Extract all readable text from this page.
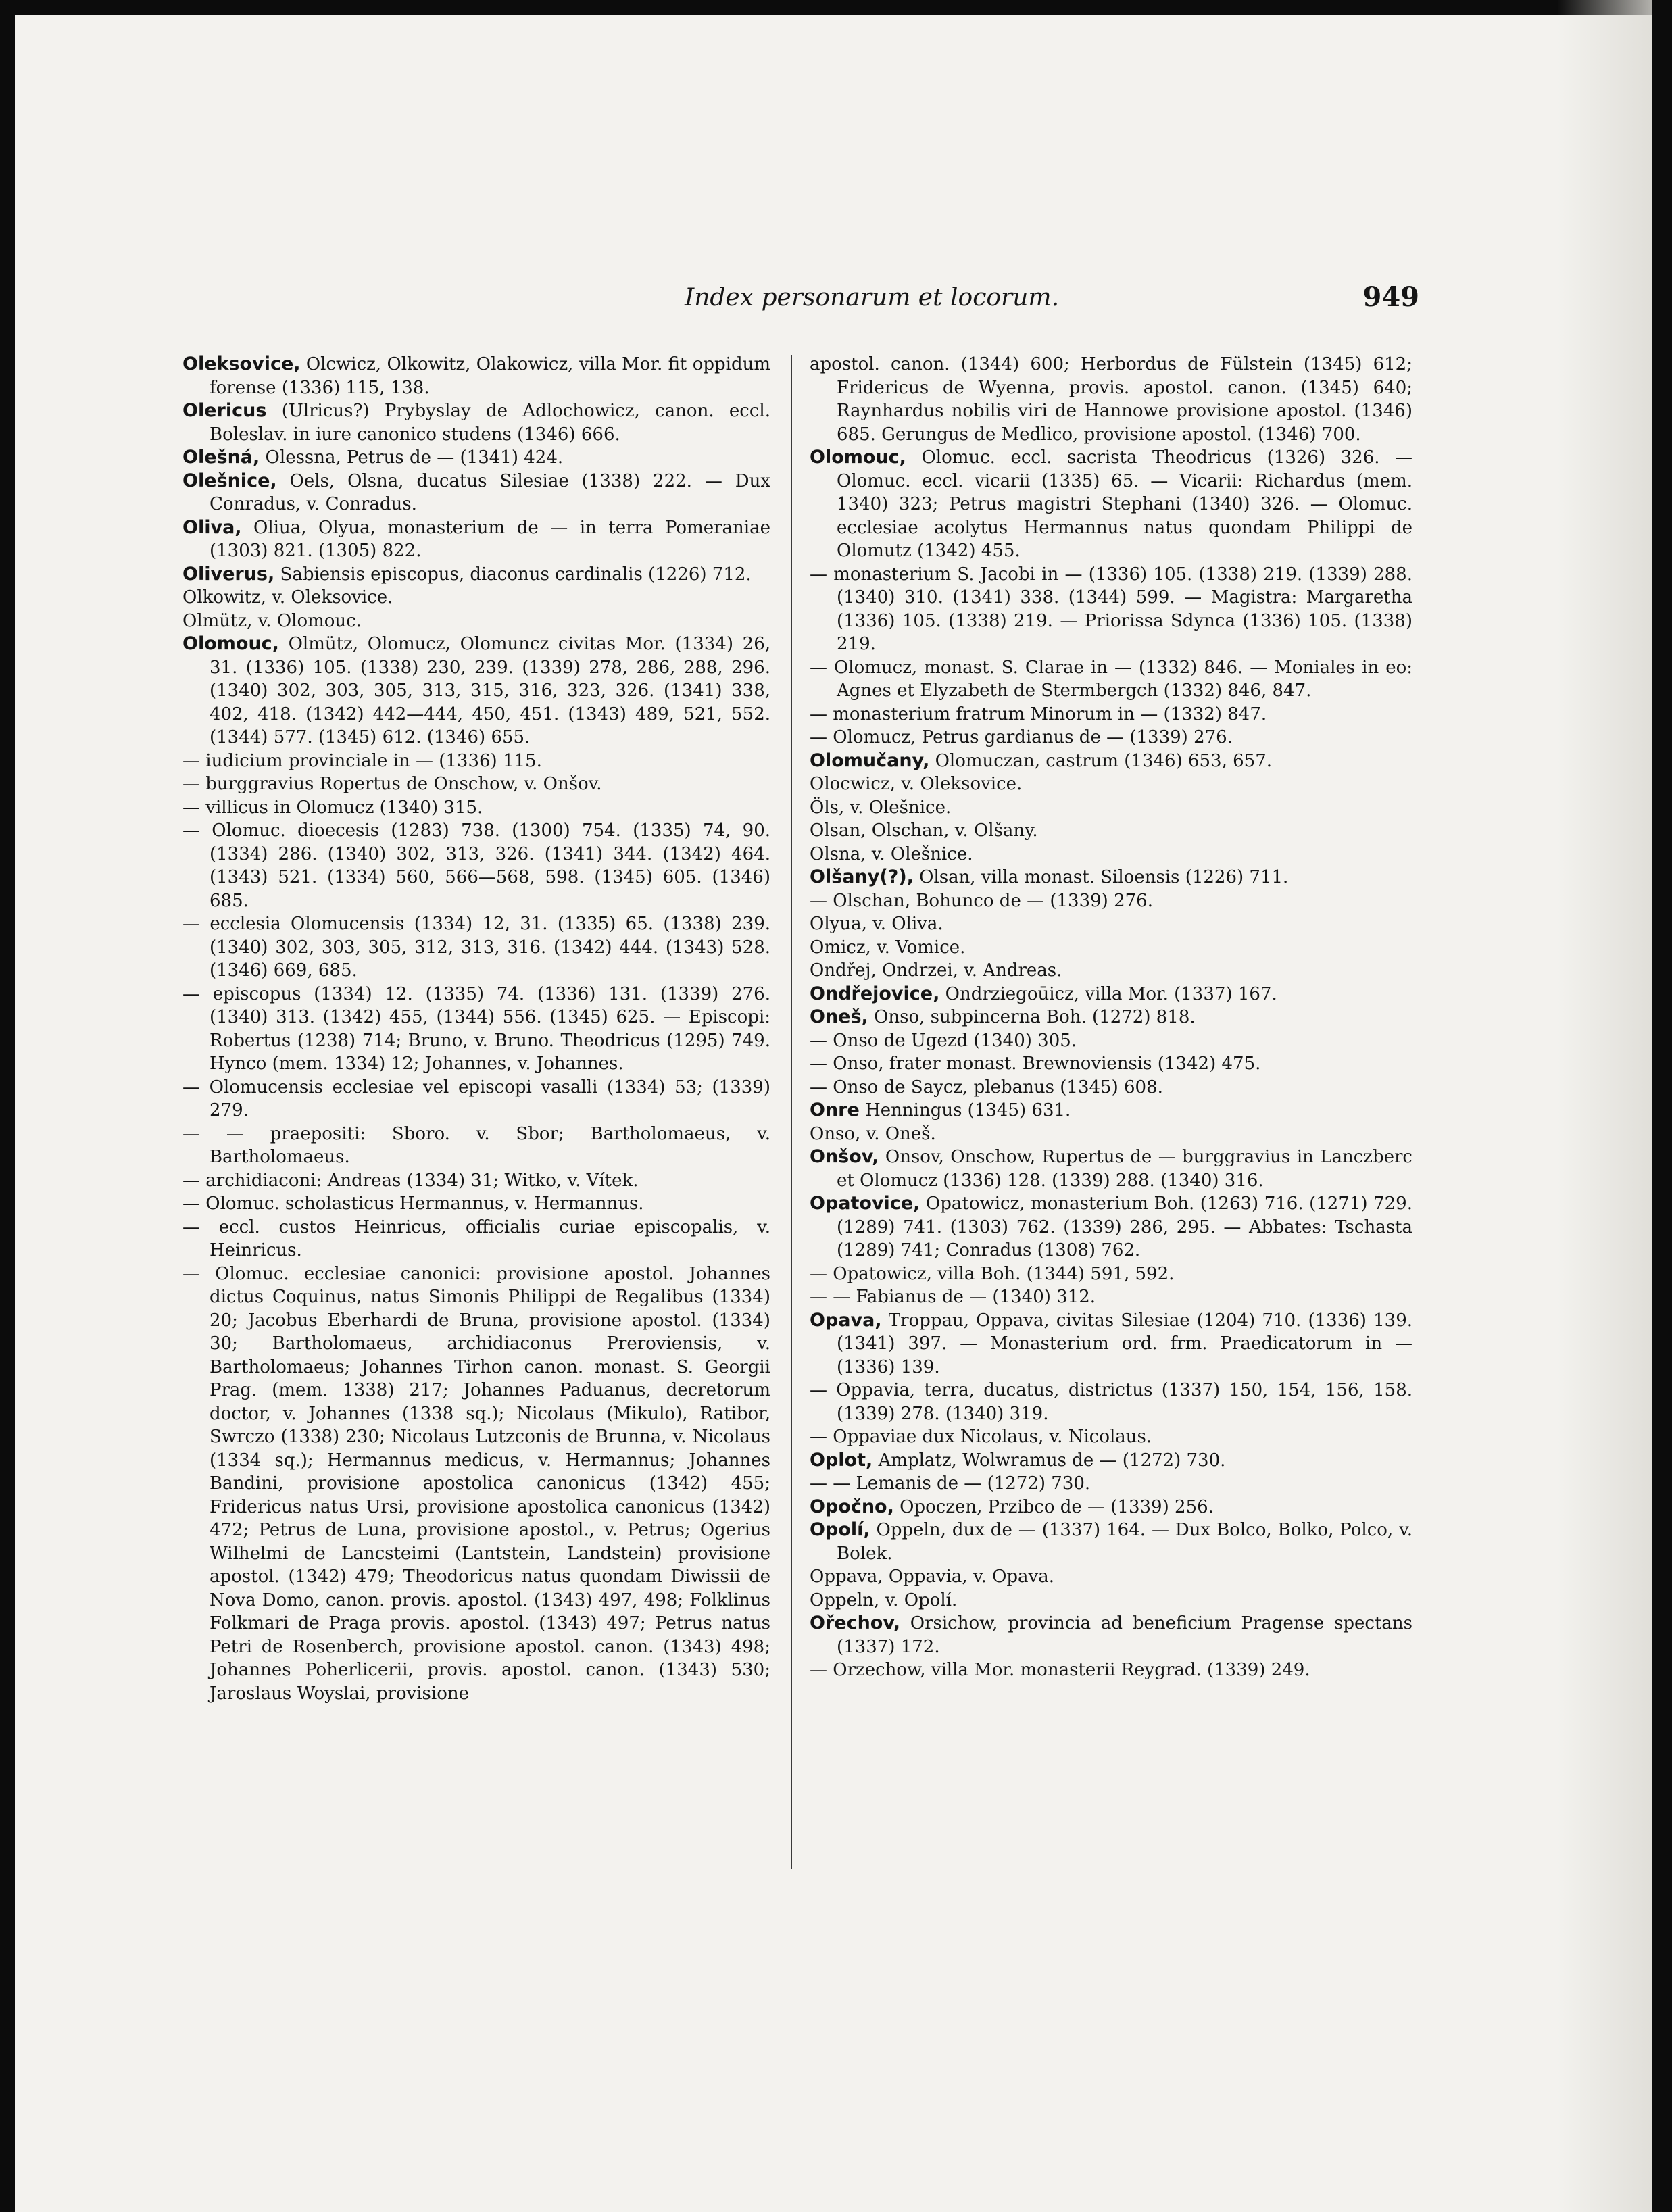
Index personarum et locorum.	949

Oleksovice, Olcwicz, Olkowitz, Olakowicz, villa Mor. fit oppidum forense (1336) 115, 138.

Olericus (Ulricus?) Prybyslay de Adlochowicz, canon. eccl. Boleslav. in iure canonico studens (1346) 666.

Olešná, Olessna, Petrus de — (1341) 424.

Olešnice, Oels, Olsna, ducatus Silesiae (1338) 222. — Dux Conradus, v. Conradus.

Oliva, Oliua, Olyua, monasterium de — in terra Pomeraniae (1303) 821. (1305) 822.

Oliverus, Sabiensis episcopus, diaconus cardinalis (1226) 712.

Olkowitz, v. Oleksovice.

Olmütz, v. Olomouc.

Olomouc, Olmütz, Olomucz, Olomuncz civitas Mor. (1334) 26, 31. (1336) 105. (1338) 230, 239. (1339) 278, 286, 288, 296. (1340) 302, 303, 305, 313, 315, 316, 323, 326. (1341) 338, 402, 418. (1342) 442—444, 450, 451. (1343) 489, 521, 552. (1344) 577. (1345) 612. (1346) 655.

— iudicium provinciale in — (1336) 115.

— burggravius Ropertus de Onschow, v. Onšov.

— villicus in Olomucz (1340) 315.

— Olomuc. dioecesis (1283) 738. (1300) 754. (1335) 74, 90. (1334) 286. (1340) 302, 313, 326. (1341) 344. (1342) 464. (1343) 521. (1334) 560, 566—568, 598. (1345) 605. (1346) 685.

— ecclesia Olomucensis (1334) 12, 31. (1335) 65. (1338) 239. (1340) 302, 303, 305, 312, 313, 316. (1342) 444. (1343) 528. (1346) 669, 685.

— episcopus (1334) 12. (1335) 74. (1336) 131. (1339) 276. (1340) 313. (1342) 455, (1344) 556. (1345) 625. — Episcopi: Robertus (1238) 714; Bruno, v. Bruno. Theodricus (1295) 749. Hynco (mem. 1334) 12; Johannes, v. Johannes.

— Olomucensis ecclesiae vel episcopi vasalli (1334) 53; (1339) 279.

— — praepositi: Sboro. v. Sbor; Bartholomaeus, v. Bartholomaeus.

— archidiaconi: Andreas (1334) 31; Witko, v. Vítek.

— Olomuc. scholasticus Hermannus, v. Hermannus.

— eccl. custos Heinricus, officialis curiae episcopalis, v. Heinricus.

— Olomuc. ecclesiae canonici: provisione apostol. Johannes dictus Coquinus, natus Simonis Philippi de Regalibus (1334) 20; Jacobus Eberhardi de Bruna, provisione apostol. (1334) 30; Bartholomaeus, archidiaconus Preroviensis, v. Bartholomaeus; Johannes Tirhon canon. monast. S. Georgii Prag. (mem. 1338) 217; Johannes Paduanus, decretorum doctor, v. Johannes (1338 sq.); Nicolaus (Mikulo), Ratibor, Swrczo (1338) 230; Nicolaus Lutzconis de Brunna, v. Nicolaus (1334 sq.); Hermannus medicus, v. Hermannus; Johannes Bandini, provisione apostolica canonicus (1342) 455; Fridericus natus Ursi, provisione apostolica canonicus (1342) 472; Petrus de Luna, provisione apostol., v. Petrus; Ogerius Wilhelmi de Lancsteimi (Lantstein, Landstein) provisione apostol. (1342) 479; Theodoricus natus quondam Diwissii de Nova Domo, canon. provis. apostol. (1343) 497, 498; Folklinus Folkmari de Praga provis. apostol. (1343) 497; Petrus natus Petri de Rosenberch, provisione apostol. canon. (1343) 498; Johannes Poherlicerii, provis. apostol. canon. (1343) 530; Jaroslaus Woyslai, provisione

apostol. canon. (1344) 600; Herbordus de Fülstein (1345) 612; Fridericus de Wyenna, provis. apostol. canon. (1345) 640; Raynhardus nobilis viri de Hannowe provisione apostol. (1346) 685. Gerungus de Medlico, provisione apostol. (1346) 700.

Olomouc, Olomuc. eccl. sacrista Theodricus (1326) 326. — Olomuc. eccl. vicarii (1335) 65. — Vicarii: Richardus (mem. 1340) 323; Petrus magistri Stephani (1340) 326. — Olomuc. ecclesiae acolytus Hermannus natus quondam Philippi de Olomutz (1342) 455.

— monasterium S. Jacobi in — (1336) 105. (1338) 219. (1339) 288. (1340) 310. (1341) 338. (1344) 599. — Magistra: Margaretha (1336) 105. (1338) 219. — Priorissa Sdynca (1336) 105. (1338) 219.

— Olomucz, monast. S. Clarae in — (1332) 846. — Moniales in eo: Agnes et Elyzabeth de Stermbergch (1332) 846, 847.

— monasterium fratrum Minorum in — (1332) 847.

— Olomucz, Petrus gardianus de — (1339) 276.

Olomučany, Olomuczan, castrum (1346) 653, 657.

Olocwicz, v. Oleksovice.

Öls, v. Olešnice.

Olsan, Olschan, v. Olšany.

Olsna, v. Olešnice.

Olšany(?), Olsan, villa monast. Siloensis (1226) 711.

— Olschan, Bohunco de — (1339) 276.

Olyua, v. Oliva.

Omicz, v. Vomice.

Ondřej, Ondrzei, v. Andreas.

Ondřejovice, Ondrziegoūicz, villa Mor. (1337) 167.

Oneš, Onso, subpincerna Boh. (1272) 818.

— Onso de Ugezd (1340) 305.

— Onso, frater monast. Brewnoviensis (1342) 475.

— Onso de Saycz, plebanus (1345) 608.

Onre Henningus (1345) 631.

Onso, v. Oneš.

Onšov, Onsov, Onschow, Rupertus de — burggravius in Lanczberc et Olomucz (1336) 128. (1339) 288. (1340) 316.

Opatovice, Opatowicz, monasterium Boh. (1263) 716. (1271) 729. (1289) 741. (1303) 762. (1339) 286, 295. — Abbates: Tschasta (1289) 741; Conradus (1308) 762.

— Opatowicz, villa Boh. (1344) 591, 592.

— — Fabianus de — (1340) 312.

Opava, Troppau, Oppava, civitas Silesiae (1204) 710. (1336) 139. (1341) 397. — Monasterium ord. frm. Praedicatorum in — (1336) 139.

— Oppavia, terra, ducatus, districtus (1337) 150, 154, 156, 158. (1339) 278. (1340) 319.

— Oppaviae dux Nicolaus, v. Nicolaus.

Oplot, Amplatz, Wolwramus de — (1272) 730.

— — Lemanis de — (1272) 730.

Opočno, Opoczen, Przibco de — (1339) 256.

Opolí, Oppeln, dux de — (1337) 164. — Dux Bolco, Bolko, Polco, v. Bolek.

Oppava, Oppavia, v. Opava.

Oppeln, v. Opolí.

Ořechov, Orsichow, provincia ad beneficium Pragense spectans (1337) 172.

— Orzechow, villa Mor. monasterii Reygrad. (1339) 249.
